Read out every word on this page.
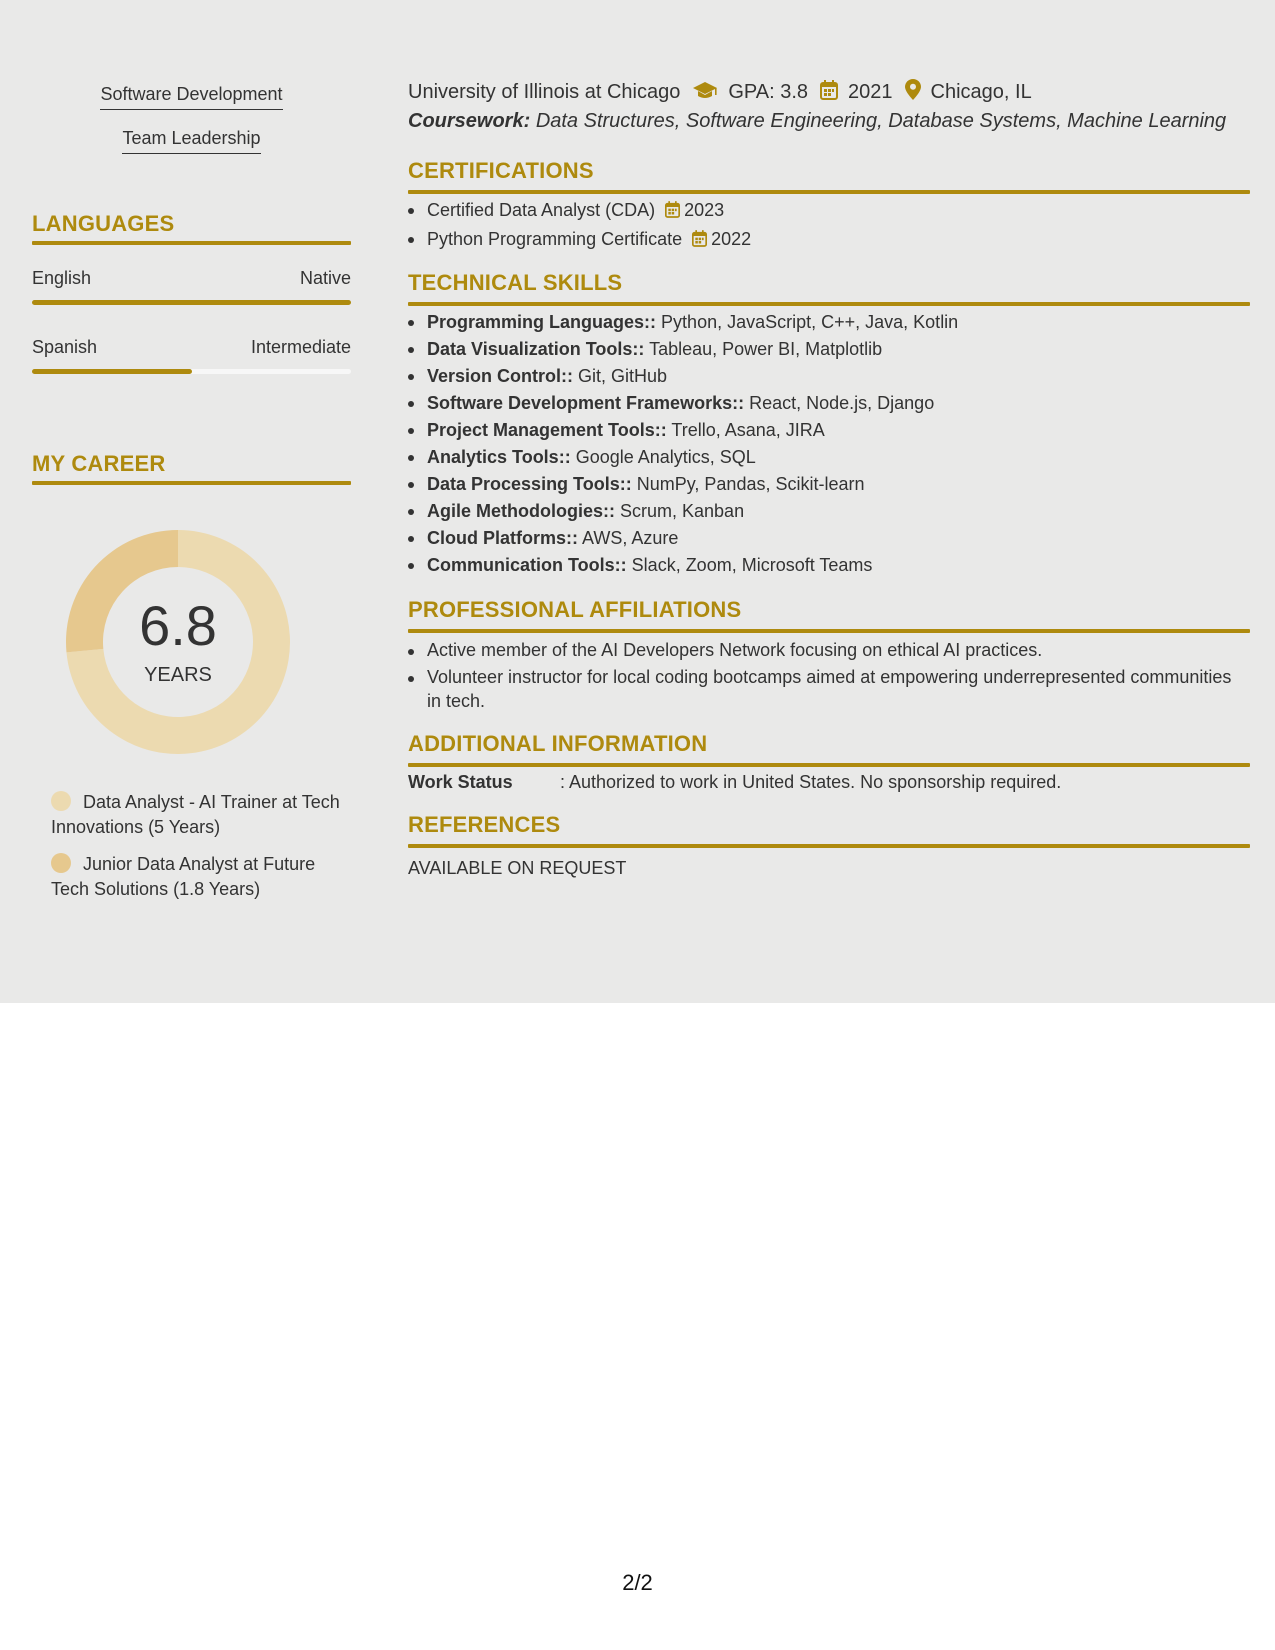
Software Development
Team Leadership
LANGUAGES
English	Native
Spanish	Intermediate
MY CAREER
6.8
YEARS
Data Analyst - AI Trainer at Tech Innovations (5 Years)
Junior Data Analyst at Future Tech Solutions (1.8 Years)
University of Illinois at Chicago GPA: 3.8 2021 Chicago, IL
Coursework: Data Structures, Software Engineering, Database Systems, Machine Learning
CERTIFICATIONS
Certified Data Analyst (CDA) 2023
Python Programming Certificate 2022
TECHNICAL SKILLS
Programming Languages:: Python, JavaScript, C++, Java, Kotlin
Data Visualization Tools:: Tableau, Power BI, Matplotlib
Version Control:: Git, GitHub
Software Development Frameworks:: React, Node.js, Django
Project Management Tools:: Trello, Asana, JIRA
Analytics Tools:: Google Analytics, SQL
Data Processing Tools:: NumPy, Pandas, Scikit-learn
Agile Methodologies:: Scrum, Kanban
Cloud Platforms:: AWS, Azure
Communication Tools:: Slack, Zoom, Microsoft Teams
PROFESSIONAL AFFILIATIONS
Active member of the AI Developers Network focusing on ethical AI practices.
Volunteer instructor for local coding bootcamps aimed at empowering underrepresented communities in tech.
ADDITIONAL INFORMATION
Work Status	: Authorized to work in United States. No sponsorship required.
REFERENCES
AVAILABLE ON REQUEST
2/2
